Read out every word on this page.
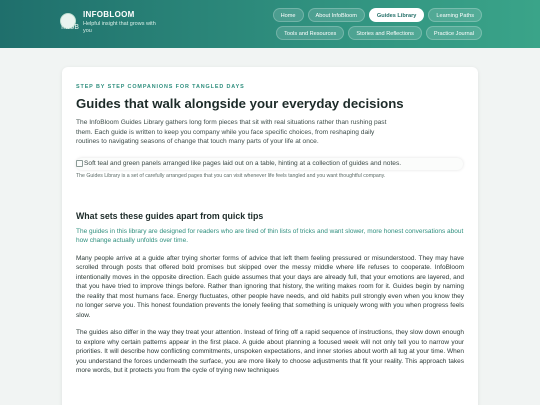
InfoB
INFOBLOOM
Helpful insight that grows with you
Home	About InfoBloom	Guides Library	Learning Paths
Tools and Resources	Stories and Reflections	Practice Journal
STEP BY STEP COMPANIONS FOR TANGLED DAYS
Guides that walk alongside your everyday decisions

The InfoBloom Guides Library gathers long form pieces that sit with real situations rather than rushing past them. Each guide is written to keep you company while you face specific choices, from reshaping daily routines to navigating seasons of change that touch many parts of your life at once.

Soft teal and green panels arranged like pages laid out on a table, hinting at a collection of guides and notes.
The Guides Library is a set of carefully arranged pages that you can visit whenever life feels tangled and you want thoughtful company.
What sets these guides apart from quick tips

The guides in this library are designed for readers who are tired of thin lists of tricks and want slower, more honest conversations about how change actually unfolds over time.

Many people arrive at a guide after trying shorter forms of advice that left them feeling pressured or misunderstood. They may have scrolled through posts that offered bold promises but skipped over the messy middle where life refuses to cooperate. InfoBloom intentionally moves in the opposite direction. Each guide assumes that your days are already full, that your emotions are layered, and that you have tried to improve things before. Rather than ignoring that history, the writing makes room for it. Guides begin by naming the reality that most humans face. Energy fluctuates, other people have needs, and old habits pull strongly even when you know they no longer serve you. This honest foundation prevents the lonely feeling that something is uniquely wrong with you when progress feels slow.

The guides also differ in the way they treat your attention. Instead of firing off a rapid sequence of instructions, they slow down enough to explore why certain patterns appear in the first place. A guide about planning a focused week will not only tell you to narrow your priorities. It will describe how conflicting commitments, unspoken expectations, and inner stories about worth all tug at your time. When you understand the forces underneath the surface, you are more likely to choose adjustments that fit your reality. This approach takes more words, but it protects you from the cycle of trying new techniques
